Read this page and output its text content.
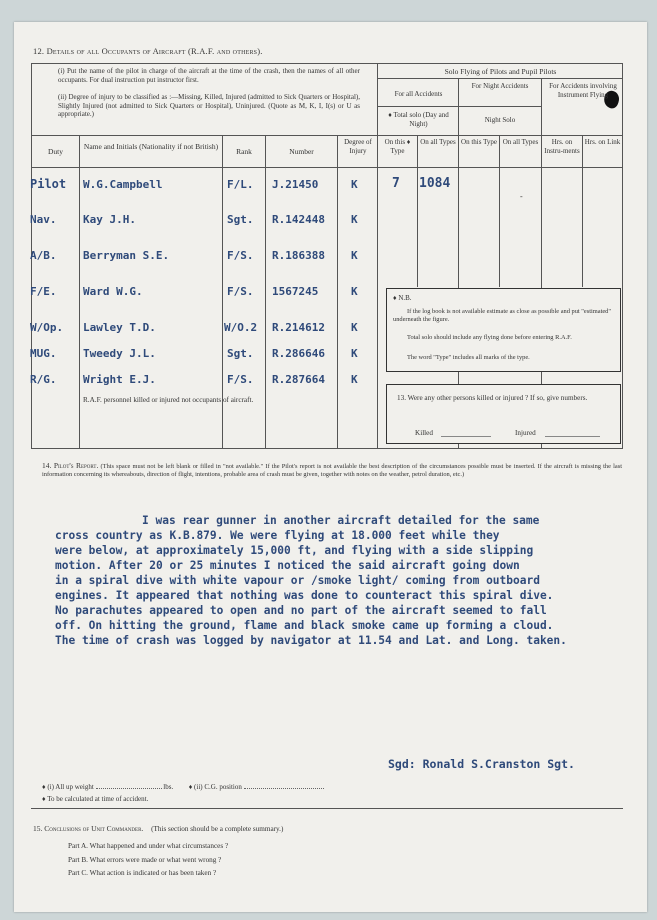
12. Details of all Occupants of Aircraft (R.A.F. and others).
(i) Put the name of the pilot in charge of the aircraft at the time of the crash, then the names of all other occupants. For dual instruction put instructor first.
(ii) Degree of injury to be classified as :—Missing, Killed, Injured (admitted to Sick Quarters or Hospital), Slightly Injured (not admitted to Sick Quarters or Hospital), Uninjured. (Quote as M, K, I, I(s) or U as appropriate.)
Solo Flying of Pilots and Pupil Pilots
For all Accidents
For Night Accidents	For Accidents involving Instrument Flying
♦ Total solo (Day and Night)	Night Solo
Duty
Name and Initials (Nationality if not British)
Rank	Number
Degree of Injury
On this ♦ Type
On all Types On this Type On all Types	Hrs. on Instru-ments
Hrs. on Link
Pilot W.G.Campbell	F/L. J.21450	K	7 1084
-
Nav. Kay J.H.	Sgt. R.142448 K
A/B. Berryman S.E.	F/S. R.186388 K
F/E. Ward W.G.	F/S. 1567245	K
W/Op. Lawley T.D.	W/O.2 R.214612 K
MUG. Tweedy J.L.	Sgt. R.286646 K
R/G. Wright E.J.	F/S. R.287664 K
R.A.F. personnel killed or injured not occupants of aircraft.
♦ N.B.
If the log book is not available estimate as close as possible and put "estimated" underneath the figure.
Total solo should include any flying done before entering R.A.F.
The word "Type" includes all marks of the type.
13. Were any other persons killed or injured ? If so, give numbers.
Killed	Injured
14. Pilot's Report. (This space must not be left blank or filled in "not available." If the Pilot's report is not available the best description of the circumstances possible must be inserted. If the aircraft is missing the last information concerning its whereabouts, direction of flight, intentions, probable area of crash must be given, together with notes on the weather, petrol duration, etc.)
I was rear gunner in another aircraft detailed for the same
cross country as K.B.879. We were flying at 18.000 feet while they
were below, at approximately 15,000 ft, and flying with a side slipping
motion. After 20 or 25 minutes I noticed the said aircraft going down
in a spiral dive with white vapour or /smoke light/ coming from outboard
engines. It appeared that nothing was done to counteract this spiral dive.
No parachutes appeared to open and no part of the aircraft seemed to fall
off. On hitting the ground, flame and black smoke came up forming a cloud.
The time of crash was logged by navigator at 11.54 and Lat. and Long. taken.
Sgd: Ronald S.Cranston Sgt.
♦ (i) All up weight	lbs. ♦ (ii) C.G. position
♦ To be calculated at time of accident.
15. Conclusions of Unit Commander. (This section should be a complete summary.)
Part A. What happened and under what circumstances ?
Part B. What errors were made or what went wrong ?
Part C. What action is indicated or has been taken ?
